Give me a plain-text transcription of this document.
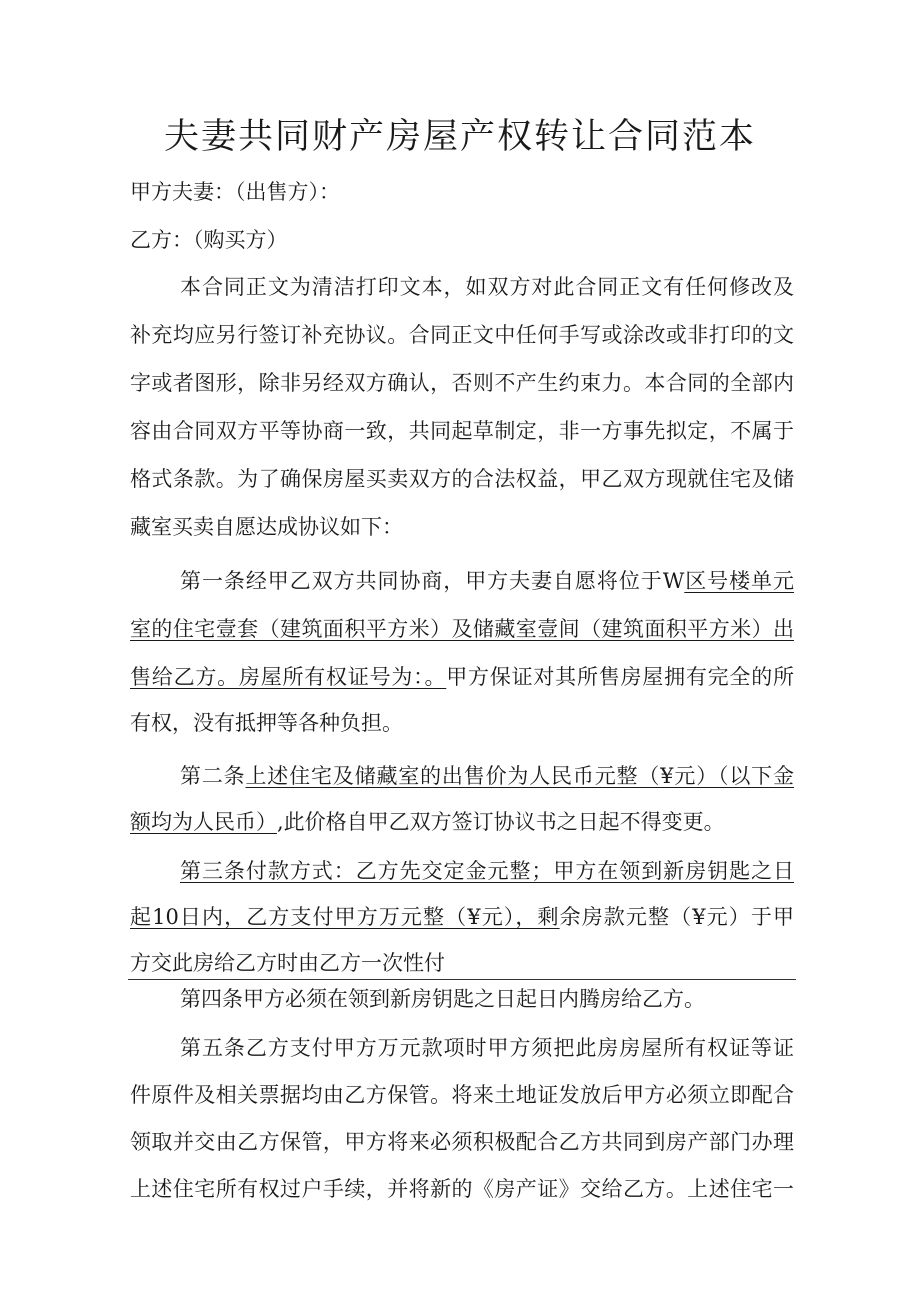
夫妻共同财产房屋产权转让合同范本
甲方夫妻：（出售方）：
乙方：（购买方）
本合同正文为清洁打印文本，如双方对此合同正文有任何修改及
补充均应另行签订补充协议。合同正文中任何手写或涂改或非打印的文
字或者图形，除非另经双方确认，否则不产生约束力。本合同的全部内
容由合同双方平等协商一致，共同起草制定，非一方事先拟定，不属于
格式条款。为了确保房屋买卖双方的合法权益，甲乙双方现就住宅及储
藏室买卖自愿达成协议如下：
第一条经甲乙双方共同协商，甲方夫妻自愿将位于W区号楼单元
室的住宅壹套（建筑面积平方米）及储藏室壹间（建筑面积平方米）出
售给乙方。房屋所有权证号为：。甲方保证对其所售房屋拥有完全的所
有权，没有抵押等各种负担。
第二条上述住宅及储藏室的出售价为人民币元整（¥元）（以下金
额均为人民币）,此价格自甲乙双方签订协议书之日起不得变更。
第三条付款方式：乙方先交定金元整；甲方在领到新房钥匙之日
起10日内，乙方支付甲方万元整（¥元），剩余房款元整（¥元）于甲
方交此房给乙方时由乙方一次性付
第四条甲方必须在领到新房钥匙之日起日内腾房给乙方。
第五条乙方支付甲方万元款项时甲方须把此房房屋所有权证等证
件原件及相关票据均由乙方保管。将来土地证发放后甲方必须立即配合
领取并交由乙方保管，甲方将来必须积极配合乙方共同到房产部门办理
上述住宅所有权过户手续，并将新的《房产证》交给乙方。上述住宅一
